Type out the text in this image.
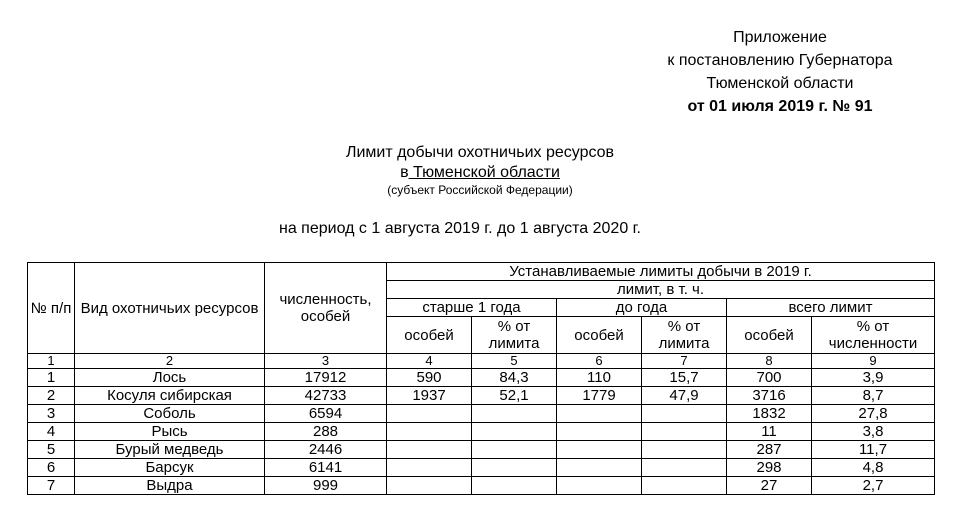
Приложение
к постановлению Губернатора
Тюменской области
от 01 июля 2019 г. № 91
Лимит добычи охотничьих ресурсов
в Тюменской области
(субъект Российской Федерации)
на период с 1 августа 2019 г. до 1 августа 2020 г.
№ п/п	Вид охотничьих ресурсов	численность, особей	Устанавливаемые лимиты добычи в 2019 г.					
			лимит, в т. ч.					
			старше 1 года		до года		всего лимит	
			особей	% от лимита	особей	% от лимита	особей	% от численности
1	2	3	4	5	6	7	8	9
1	Лось	17912	590	84,3	110	15,7	700	3,9
2	Косуля сибирская	42733	1937	52,1	1779	47,9	3716	8,7
3	Соболь	6594					1832	27,8
4	Рысь	288					11	3,8
5	Бурый медведь	2446					287	11,7
6	Барсук	6141					298	4,8
7	Выдра	999					27	2,7
